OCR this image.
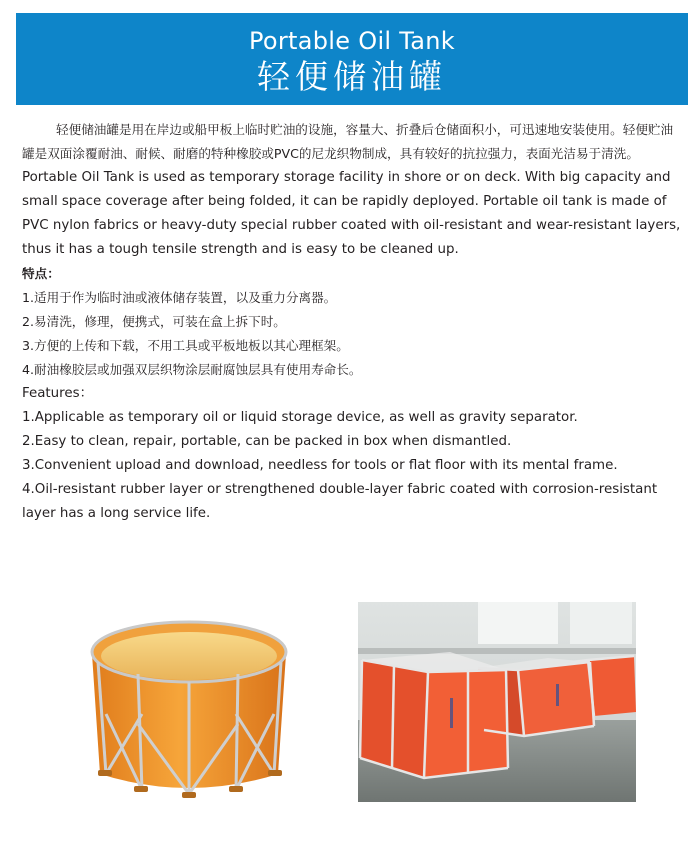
Portable Oil Tank
轻便储油罐

轻便储油罐是用在岸边或船甲板上临时贮油的设施，容量大、折叠后仓储面积小，可迅速地安装使用。轻便贮油罐是双面涂覆耐油、耐候、耐磨的特种橡胶或PVC的尼龙织物制成，具有较好的抗拉强力，表面光洁易于清洗。

Portable Oil Tank is used as temporary storage facility in shore or on deck. With big capacity and small space coverage after being folded, it can be rapidly deployed. Portable oil tank is made of PVC nylon fabrics or heavy-duty special rubber coated with oil-resistant and wear-resistant layers, thus it has a tough tensile strength and is easy to be cleaned up.

特点：

1.适用于作为临时油或液体储存装置，以及重力分离器。

2.易清洗，修理，便携式，可装在盒上拆下时。

3.方便的上传和下载，不用工具或平板地板以其心理框架。

4.耐油橡胶层或加强双层织物涂层耐腐蚀层具有使用寿命长。

Features：

1.Applicable as temporary oil or liquid storage device, as well as gravity separator.

2.Easy to clean, repair, portable, can be packed in box when dismantled.

3.Convenient upload and download, needless for tools or flat floor with its mental frame.

4.Oil-resistant rubber layer or strengthened double-layer fabric coated with corrosion-resistant layer has a long service life.
